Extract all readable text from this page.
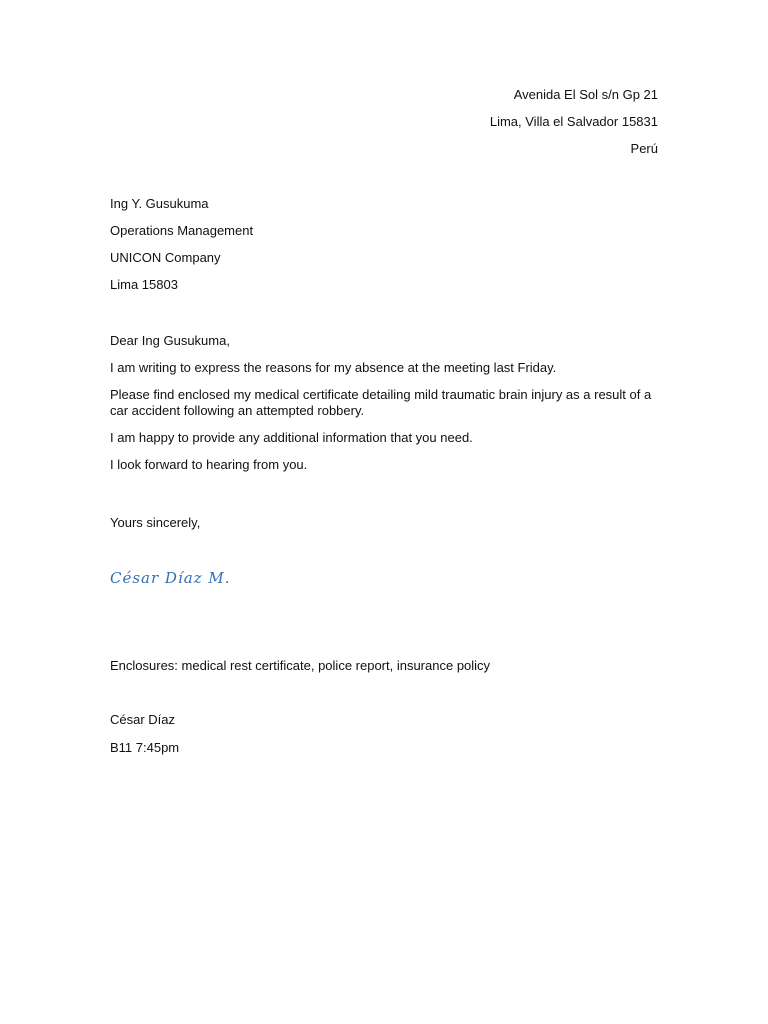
Avenida El Sol s/n Gp 21
Lima, Villa el Salvador 15831
Perú
Ing Y. Gusukuma
Operations Management
UNICON Company
Lima 15803

Dear Ing Gusukuma,

I am writing to express the reasons for my absence at the meeting last Friday.

Please find enclosed my medical certificate detailing mild traumatic brain injury as a result of a car accident following an attempted robbery.

I am happy to provide any additional information that you need.

I look forward to hearing from you.

Yours sincerely,
César Díaz M.
Enclosures: medical rest certificate, police report, insurance policy
César Díaz
B11 7:45pm
